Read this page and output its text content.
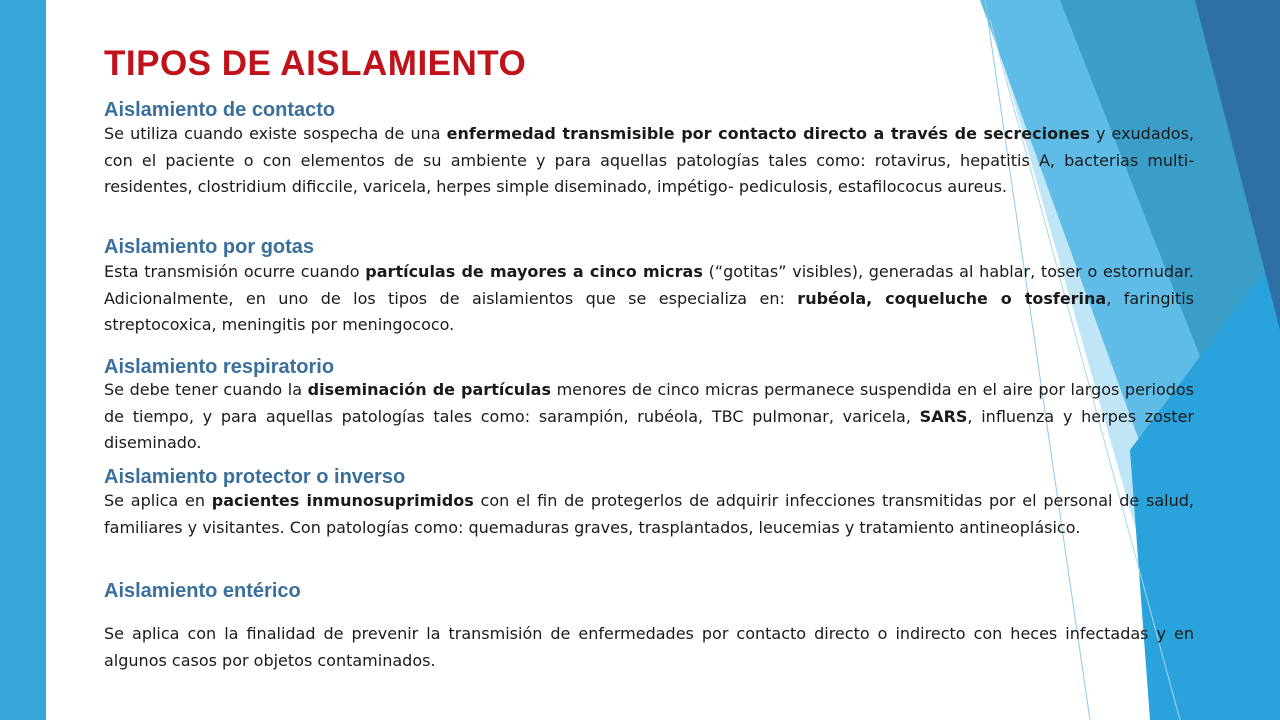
TIPOS DE AISLAMIENTO
Aislamiento de contacto
Se utiliza cuando existe sospecha de una enfermedad transmisible por contacto directo a través de secreciones y exudados, con el paciente o con elementos de su ambiente y para aquellas patologías tales como: rotavirus, hepatitis A, bacterias multi-residentes, clostridium dificcile, varicela, herpes simple diseminado, impétigo- pediculosis, estafilococus aureus.
Aislamiento por gotas
Esta transmisión ocurre cuando partículas de mayores a cinco micras (“gotitas” visibles), generadas al hablar, toser o estornudar. Adicionalmente, en uno de los tipos de aislamientos que se especializa en: rubéola, coqueluche o tosferina, faringitis streptocoxica, meningitis por meningococo.
Aislamiento respiratorio
Se debe tener cuando la diseminación de partículas menores de cinco micras permanece suspendida en el aire por largos periodos de tiempo, y para aquellas patologías tales como: sarampión, rubéola, TBC pulmonar, varicela, SARS, influenza y herpes zoster diseminado.
Aislamiento protector o inverso
Se aplica en pacientes inmunosuprimidos con el fin de protegerlos de adquirir infecciones transmitidas por el personal de salud, familiares y visitantes. Con patologías como: quemaduras graves, trasplantados, leucemias y tratamiento antineoplásico.
Aislamiento entérico
Se aplica con la finalidad de prevenir la transmisión de enfermedades por contacto directo o indirecto con heces infectadas y en algunos casos por objetos contaminados.
